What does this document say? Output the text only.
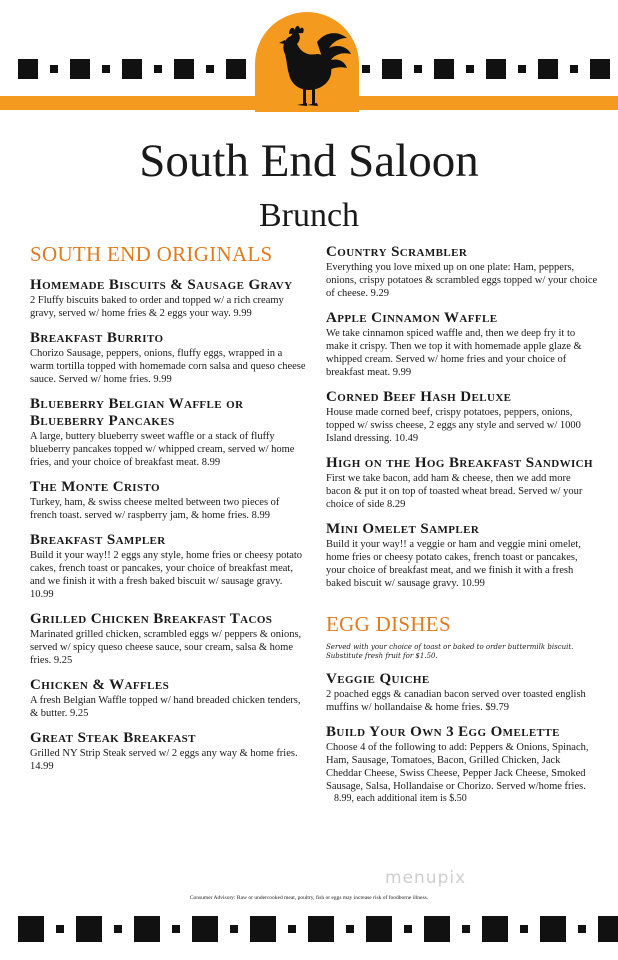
South End Saloon
Brunch
SOUTH END ORIGINALS
Homemade Biscuits & Sausage Gravy
2 Fluffy biscuits baked to order and topped w/ a rich creamy gravy, served w/ home fries & 2 eggs your way. 9.99
Breakfast Burrito
Chorizo Sausage, peppers, onions, fluffy eggs, wrapped in a warm tortilla topped with homemade corn salsa and queso cheese sauce. Served w/ home fries. 9.99
Blueberry Belgian Waffle or Blueberry Pancakes
A large, buttery blueberry sweet waffle or a stack of fluffy blueberry pancakes topped w/ whipped cream, served w/ home fries, and your choice of breakfast meat. 8.99
The Monte Cristo
Turkey, ham, & swiss cheese melted between two pieces of french toast. served w/ raspberry jam, & home fries. 8.99
Breakfast Sampler
Build it your way!! 2 eggs any style, home fries or cheesy potato cakes, french toast or pancakes, your choice of breakfast meat, and we finish it with a fresh baked biscuit w/ sausage gravy. 10.99
Grilled Chicken Breakfast Tacos
Marinated grilled chicken, scrambled eggs w/ peppers & onions, served w/ spicy queso cheese sauce, sour cream, salsa & home fries. 9.25
Chicken & Waffles
A fresh Belgian Waffle topped w/ hand breaded chicken tenders, & butter. 9.25
Great Steak Breakfast
Grilled NY Strip Steak served w/ 2 eggs any way & home fries. 14.99
Country Scrambler
Everything you love mixed up on one plate: Ham, peppers, onions, crispy potatoes & scrambled eggs topped w/ your choice of cheese. 9.29
Apple Cinnamon Waffle
We take cinnamon spiced waffle and, then we deep fry it to make it crispy. Then we top it with homemade apple glaze & whipped cream. Served w/ home fries and your choice of breakfast meat. 9.99
Corned Beef Hash Deluxe
House made corned beef, crispy potatoes, peppers, onions, topped w/ swiss cheese, 2 eggs any style and served w/ 1000 Island dressing. 10.49
High on the Hog Breakfast Sandwich
First we take bacon, add ham & cheese, then we add more bacon & put it on top of toasted wheat bread. Served w/ your choice of side 8.29
Mini Omelet Sampler
Build it your way!! a veggie or ham and veggie mini omelet, home fries or cheesy potato cakes, french toast or pancakes, your choice of breakfast meat, and we finish it with a fresh baked biscuit w/ sausage gravy. 10.99
EGG DISHES
Served with your choice of toast or baked to order buttermilk biscuit. Substitute fresh fruit for $1.50.
Veggie Quiche
2 poached eggs & canadian bacon served over toasted english muffins w/ hollandaise & home fries. $9.79
Build Your Own 3 Egg Omelette
Choose 4 of the following to add: Peppers & Onions, Spinach, Ham, Sausage, Tomatoes, Bacon, Grilled Chicken, Jack Cheddar Cheese, Swiss Cheese, Pepper Jack Cheese, Smoked Sausage, Salsa, Hollandaise or Chorizo. Served w/home fries.
8.99, each additional item is $.50
menupix
Consumer Advisory: Raw or undercooked meat, poultry, fish or eggs may increase risk of foodborne illness.
